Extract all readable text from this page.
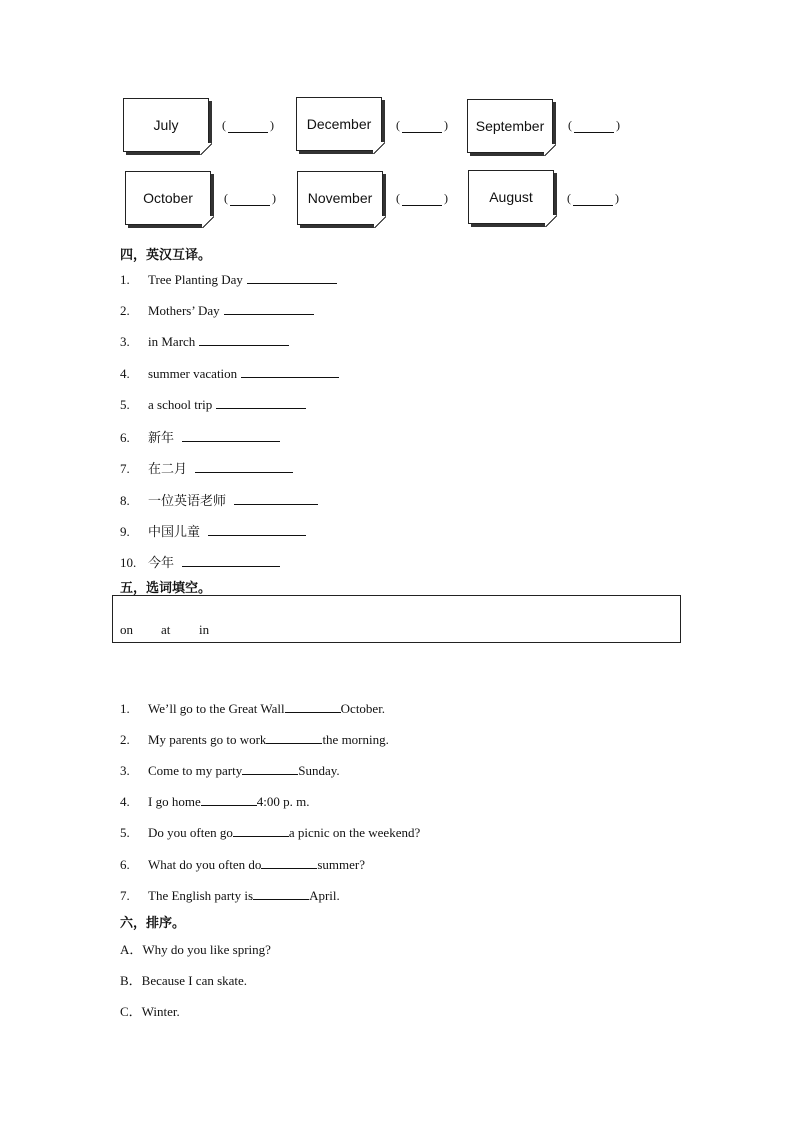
July	(	) December (	) September (	)
October	(	) November (	)	August	(	)
四，英汉互译。
1.	Tree Planting Day
2.	Mothers’ Day
3.	in March
4.	summer vacation
5.	a school trip
6.	新年
7.	在二月
8.	一位英语老师
9.	中国儿童
10. 今年
五，选词填空。
on at in
1.	We’ll go to the Great Wall	October.
2.	My parents go to work	the morning.
3.	Come to my party	Sunday.
4.	I go home	4:00 p. m.
5.	Do you often go	a picnic on the weekend?
6.	What do you often do	summer?
7.	The English party is	April.
六，排序。
A． Why do you like spring?
B． Because I can skate.
C． Winter.
